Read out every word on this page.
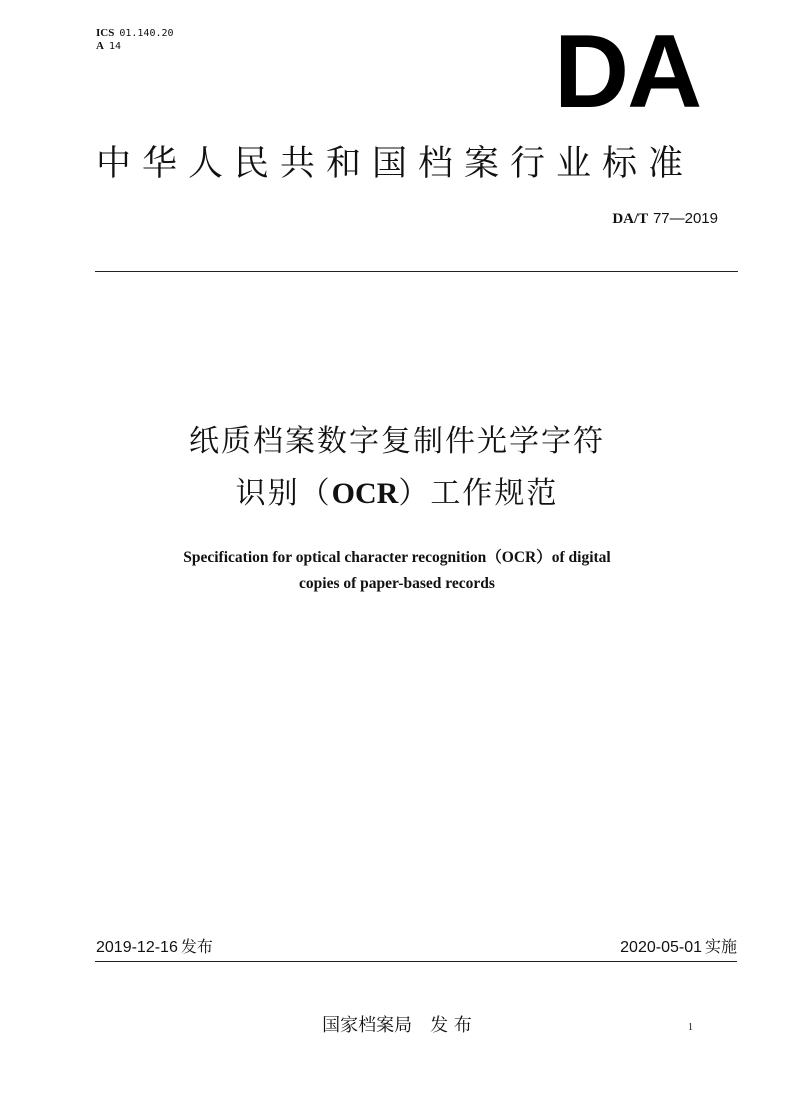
ICS 01.140.20
A 14	DA
中华人民共和国档案行业标准
DA/T 77—2019
纸质档案数字复制件光学字符
识别（OCR）工作规范
Specification for optical character recognition（OCR）of digital
copies of paper-based records
2019-12-16 发布	2020-05-01 实施
国家档案局 发 布	1
